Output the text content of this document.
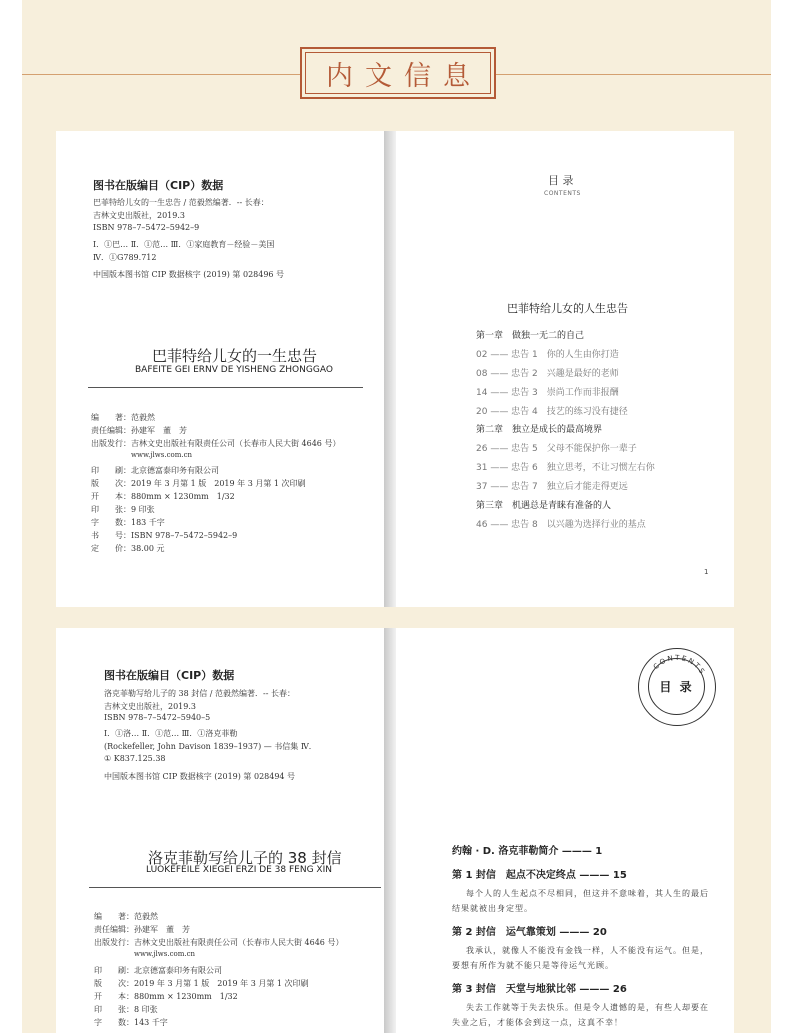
内文信息
图书在版编目（CIP）数据
巴菲特给儿女的一生忠告 / 范毅然编著．-- 长春：
吉林文史出版社，2019.3
ISBN 978–7–5472–5942–9
Ⅰ．①巴… Ⅱ．①范… Ⅲ．①家庭教育－经验－美国
Ⅳ．①G789.712
中国版本图书馆 CIP 数据核字 (2019) 第 028496 号
巴菲特给儿女的一生忠告
BAFEITE GEI ERNV DE YISHENG ZHONGGAO
编　　著：范毅然
责任编辑：孙建军　董　芳
出版发行：吉林文史出版社有限责任公司（长春市人民大街 4646 号）
www.jlws.com.cn
印　　刷：北京德富泰印务有限公司
版　　次：2019 年 3 月第 1 版　2019 年 3 月第 1 次印刷
开　　本：880mm × 1230mm　1/32
印　　张：9 印张
字　　数：183 千字
书　　号：ISBN 978–7–5472–5942–9
定　　价：38.00 元
目 录
CONTENTS
巴菲特给儿女的人生忠告
第一章　做独一无二的自己
02 —— 忠告 1　你的人生由你打造
08 —— 忠告 2　兴趣是最好的老师
14 —— 忠告 3　崇尚工作而非报酬
20 —— 忠告 4　技艺的练习没有捷径
第二章　独立是成长的最高境界
26 —— 忠告 5　父母不能保护你一辈子
31 —— 忠告 6　独立思考，不让习惯左右你
37 —— 忠告 7　独立后才能走得更远
第三章　机遇总是青睐有准备的人
46 —— 忠告 8　以兴趣为选择行业的基点
1
图书在版编目（CIP）数据
洛克菲勒写给儿子的 38 封信 / 范毅然编著．-- 长春：
吉林文史出版社，2019.3
ISBN 978–7–5472–5940–5
Ⅰ．①洛… Ⅱ．①范… Ⅲ．①洛克菲勒
(Rockefeller, John Davison 1839–1937) — 书信集 Ⅳ．
① K837.125.38
中国版本图书馆 CIP 数据核字 (2019) 第 028494 号
洛克菲勒写给儿子的 38 封信
LUOKEFEILE XIEGEI ERZI DE 38 FENG XIN
编　　著：范毅然
责任编辑：孙建军　董　芳
出版发行：吉林文史出版社有限责任公司（长春市人民大街 4646 号）
www.jlws.com.cn
印　　刷：北京德富泰印务有限公司
版　　次：2019 年 3 月第 1 版　2019 年 3 月第 1 次印刷
开　　本：880mm × 1230mm　1/32
印　　张：8 印张
字　　数：143 千字
CONTENTS
目 录
约翰 · D. 洛克菲勒简介 ——— 1
第 1 封信　起点不决定终点 ——— 15
每个人的人生起点不尽相同，但这并不意味着，其人生的最后
结果就被出身定型。
第 2 封信　运气靠策划 ——— 20
我承认，就像人不能没有金钱一样，人不能没有运气。但是，
要想有所作为就不能只是等待运气光顾。
第 3 封信　天堂与地狱比邻 ——— 26
失去工作就等于失去快乐。但是令人遗憾的是，有些人却要在
失业之后，才能体会到这一点，这真不幸！
